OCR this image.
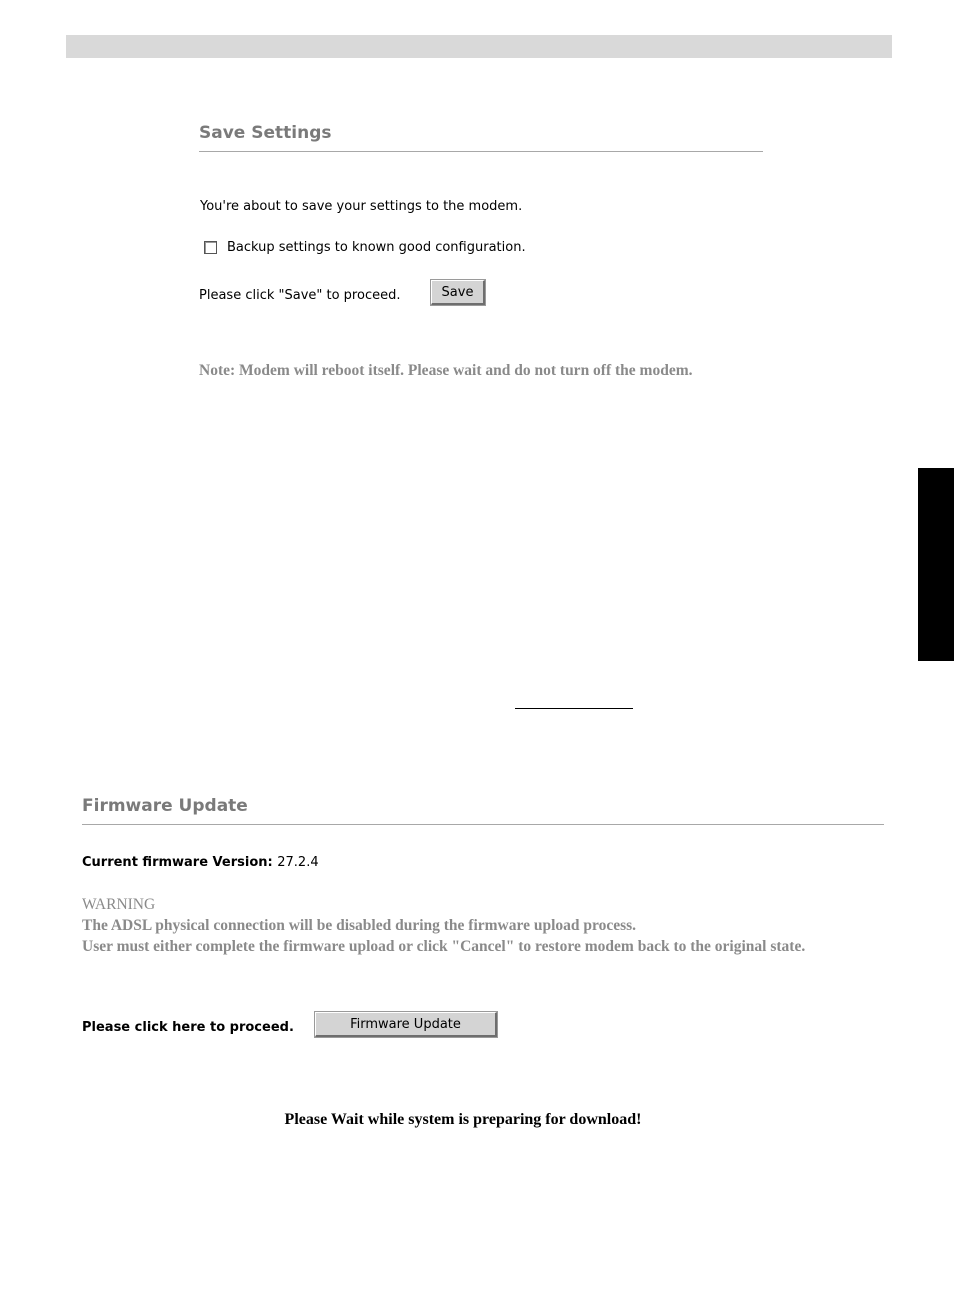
Save Settings
You're about to save your settings to the modem.
Backup settings to known good configuration.
Please click "Save" to proceed.	Save
Note: Modem will reboot itself. Please wait and do not turn off the modem.
Firmware Update
Current firmware Version: 27.2.4
WARNING
The ADSL physical connection will be disabled during the firmware upload process.
User must either complete the firmware upload or click "Cancel" to restore modem back to the original state.
Please click here to proceed.	Firmware Update
Please Wait while system is preparing for download!
